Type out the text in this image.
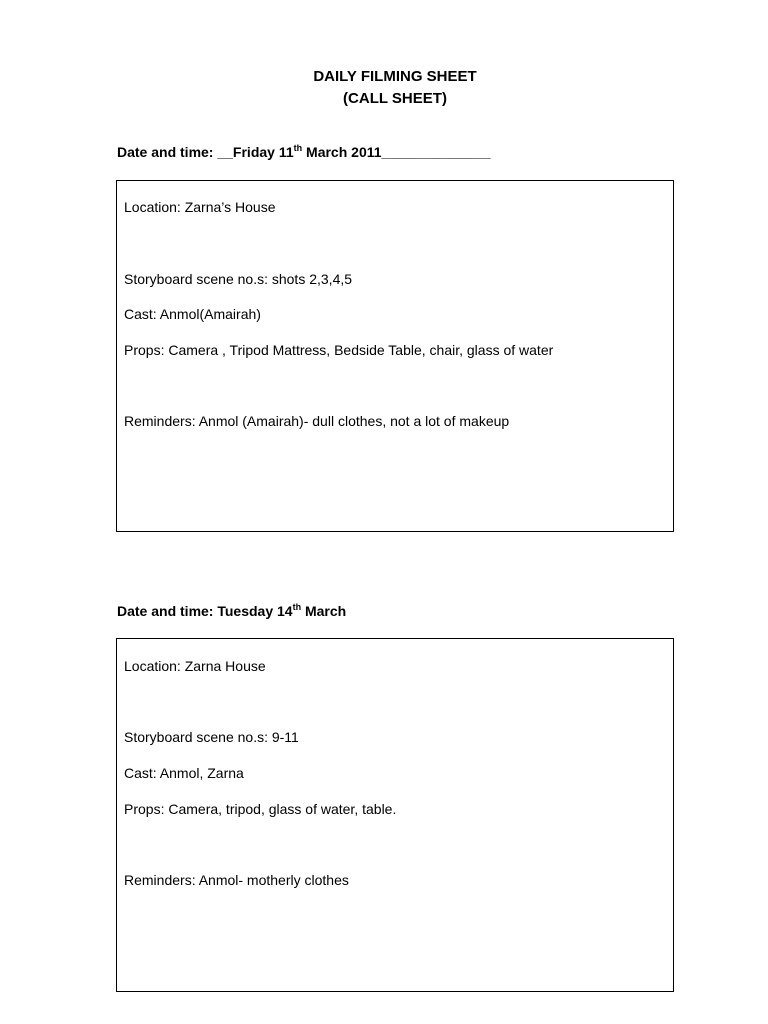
DAILY FILMING SHEET
(CALL SHEET)
Date and time: __Friday 11th March 2011______________
Location: Zarna’s House
Storyboard scene no.s: shots 2,3,4,5
Cast: Anmol(Amairah)
Props: Camera , Tripod Mattress, Bedside Table, chair, glass of water
Reminders: Anmol (Amairah)- dull clothes, not a lot of makeup
Date and time: Tuesday 14th March
Location: Zarna House
Storyboard scene no.s: 9-11
Cast: Anmol, Zarna
Props: Camera, tripod, glass of water, table.
Reminders: Anmol- motherly clothes
